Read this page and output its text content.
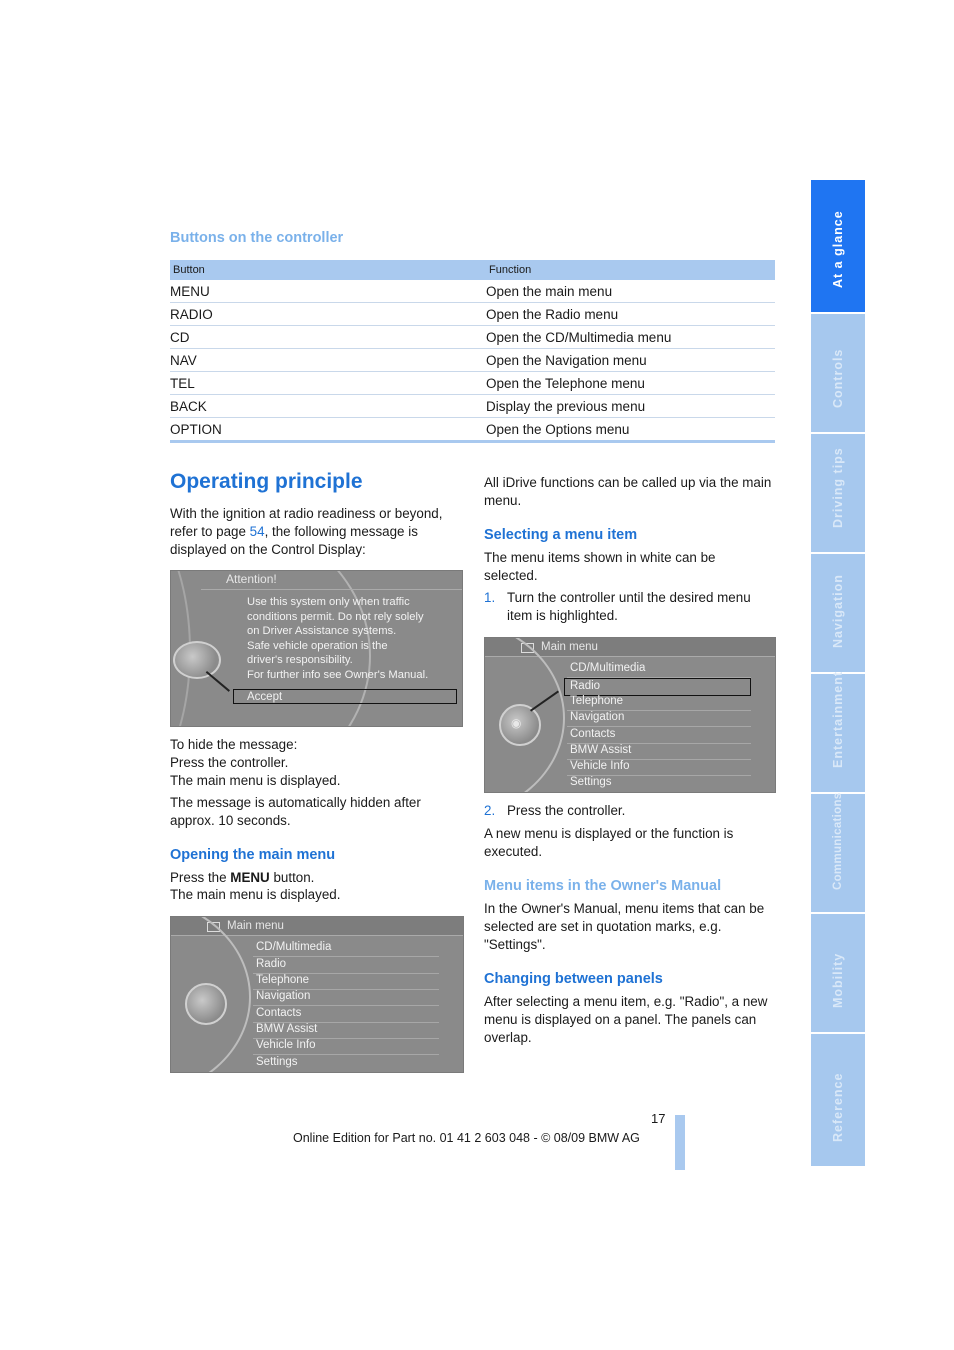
At a glance
Controls
Driving tips
Navigation
Entertainment
Communications
Mobility
Reference
Buttons on the controller
Button	Function
MENU	Open the main menu
RADIO	Open the Radio menu
CD	Open the CD/Multimedia menu
NAV	Open the Navigation menu
TEL	Open the Telephone menu
BACK	Display the previous menu
OPTION	Open the Options menu
Operating principle
With the ignition at radio readiness or beyond, refer to page 54, the following message is displayed on the Control Display:
Attention!
Use this system only when traffic
conditions permit. Do not rely solely
on Driver Assistance systems.
Safe vehicle operation is the
driver's responsibility.
For further info see Owner's Manual.
Accept
To hide the message:
Press the controller.
The main menu is displayed.
The message is automatically hidden after approx. 10 seconds.
Opening the main menu
Press the MENU button.
The main menu is displayed.
Main menu
CD/Multimedia
Radio
Telephone
Navigation
Contacts
BMW Assist
Vehicle Info
Settings
All iDrive functions can be called up via the main menu.
Selecting a menu item
The menu items shown in white can be selected.
1. Turn the controller until the desired menu item is highlighted.
Main menu
◉
CD/Multimedia
Radio
Telephone
Navigation
Contacts
BMW Assist
Vehicle Info
Settings
2. Press the controller.
A new menu is displayed or the function is executed.
Menu items in the Owner's Manual
In the Owner's Manual, menu items that can be selected are set in quotation marks, e.g. "Settings".
Changing between panels
After selecting a menu item, e.g. "Radio", a new menu is displayed on a panel. The panels can overlap.
17
Online Edition for Part no. 01 41 2 603 048 - © 08/09 BMW AG
